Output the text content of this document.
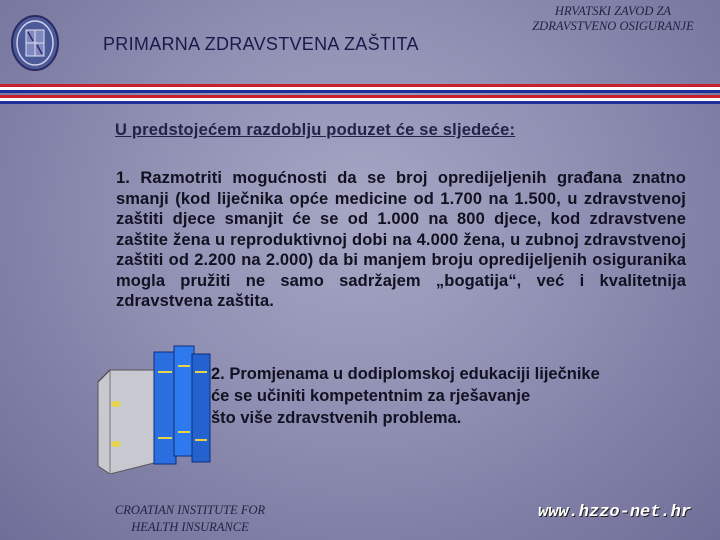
PRIMARNA ZDRAVSTVENA ZAŠTITA
HRVATSKI ZAVOD ZA
ZDRAVSTVENO OSIGURANJE
U predstojećem razdoblju poduzet će se sljedeće:
1. Razmotriti mogućnosti da se broj opredijeljenih građana znatno smanji (kod liječnika opće medicine od 1.700 na 1.500, u zdravstvenoj zaštiti djece smanjit će se od 1.000 na 800 djece, kod zdravstvene zaštite žena u reproduktivnoj dobi na 4.000 žena, u zubnoj zdravstvenoj zaštiti od 2.200 na 2.000) da bi manjem broju opredijeljenih osiguranika mogla pružiti ne samo sadržajem „bogatija“, već i kvalitetnija zdravstvena zaštita.
2. Promjenama u dodiplomskoj edukaciji liječnike
će se učiniti kompetentnim za rješavanje
što više zdravstvenih problema.
CROATIAN INSTITUTE FOR
HEALTH INSURANCE
www.hzzo-net.hr
